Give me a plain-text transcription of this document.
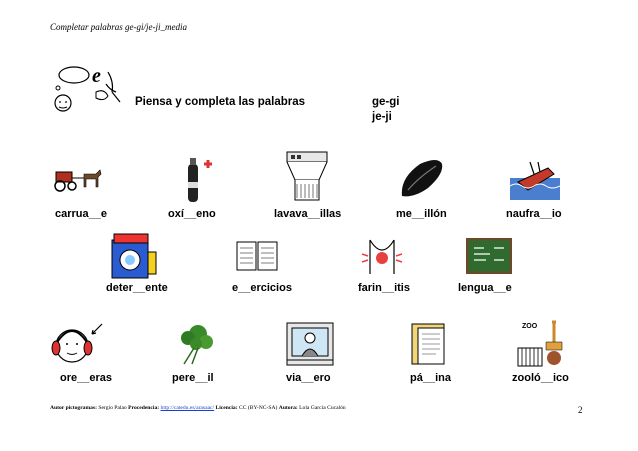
Completar palabras ge-gi/je-ji_media
e
Piensa y completa las palabras	ge-gi
je-ji
carrua__e	oxí__eno	lavava__illas	me__illón	naufra__io
deter__ente	e__ercicios	farin__itis	lengua__e
ZOO
ore__eras	pere__il	via__ero	pá__ina	zooló__ico
Autor pictogramas: Sergio Palao Procedencia: http://catedu.es/arasaac/ Licencia: CC (BY-NC-SA) Autora: Lola García Cucalón	2
